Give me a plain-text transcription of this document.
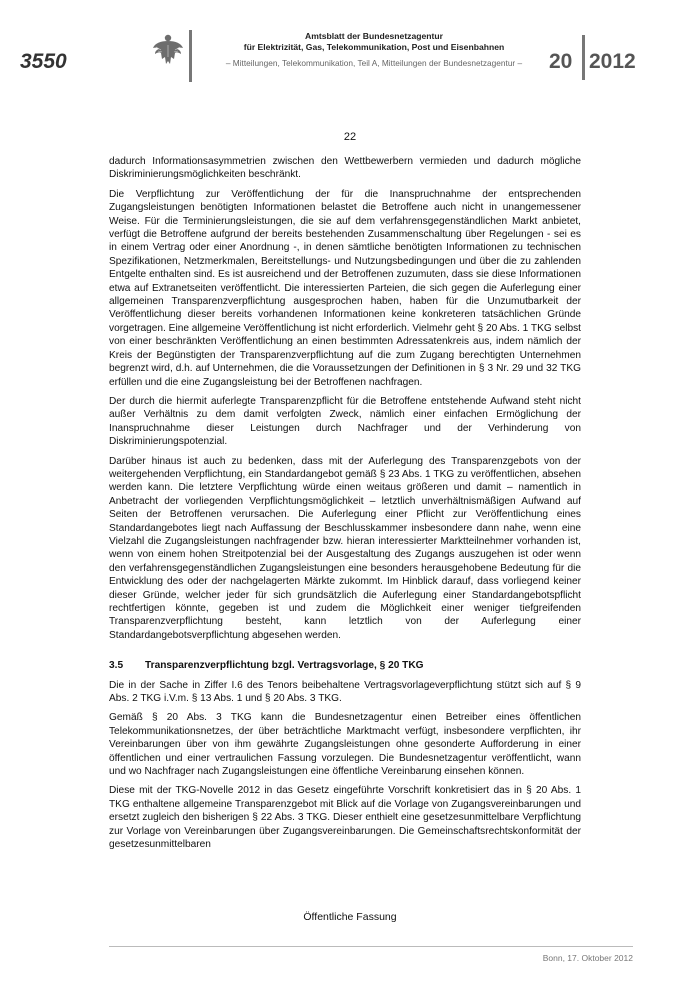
3550
Amtsblatt der Bundesnetzagentur
für Elektrizität, Gas, Telekommunikation, Post und Eisenbahnen
– Mitteilungen, Telekommunikation, Teil A, Mitteilungen der Bundesnetzagentur –	20 2012
22

dadurch Informationsasymmetrien zwischen den Wettbewerbern vermieden und dadurch mögliche Diskriminierungsmöglichkeiten beschränkt.

Die Verpflichtung zur Veröffentlichung der für die Inanspruchnahme der entsprechenden Zugangsleistungen benötigten Informationen belastet die Betroffene auch nicht in unangemessener Weise. Für die Terminierungsleistungen, die sie auf dem verfahrensgegenständlichen Markt anbietet, verfügt die Betroffene aufgrund der bereits bestehenden Zusammenschaltung über Regelungen - sei es in einem Vertrag oder einer Anordnung -, in denen sämtliche benötigten Informationen zu technischen Spezifikationen, Netzmerkmalen, Bereitstellungs- und Nutzungsbedingungen und über die zu zahlenden Entgelte enthalten sind. Es ist ausreichend und der Betroffenen zuzumuten, dass sie diese Informationen etwa auf Extranetseiten veröffentlicht. Die interessierten Parteien, die sich gegen die Auferlegung einer allgemeinen Transparenzverpflichtung ausgesprochen haben, haben für die Unzumutbarkeit der Veröffentlichung dieser bereits vorhandenen Informationen keine konkreteren tatsächlichen Gründe vorgetragen. Eine allgemeine Veröffentlichung ist nicht erforderlich. Vielmehr geht § 20 Abs. 1 TKG selbst von einer beschränkten Veröffentlichung an einen bestimmten Adressatenkreis aus, indem nämlich der Kreis der Begünstigten der Transparenzverpflichtung auf die zum Zugang berechtigten Unternehmen begrenzt wird, d.h. auf Unternehmen, die die Voraussetzungen der Definitionen in § 3 Nr. 29 und 32 TKG erfüllen und die eine Zugangsleistung bei der Betroffenen nachfragen.

Der durch die hiermit auferlegte Transparenzpflicht für die Betroffene entstehende Aufwand steht nicht außer Verhältnis zu dem damit verfolgten Zweck, nämlich einer einfachen Ermöglichung der Inanspruchnahme dieser Leistungen durch Nachfrager und der Verhinderung von Diskriminierungspotenzial.

Darüber hinaus ist auch zu bedenken, dass mit der Auferlegung des Transparenzgebots von der weitergehenden Verpflichtung, ein Standardangebot gemäß § 23 Abs. 1 TKG zu veröffentlichen, absehen werden kann. Die letztere Verpflichtung würde einen weitaus größeren und damit – namentlich in Anbetracht der vorliegenden Verpflichtungsmöglichkeit – letztlich unverhältnismäßigen Aufwand auf Seiten der Betroffenen verursachen. Die Auferlegung einer Pflicht zur Veröffentlichung eines Standardangebotes liegt nach Auffassung der Beschlusskammer insbesondere dann nahe, wenn eine Vielzahl die Zugangsleistungen nachfragender bzw. hieran interessierter Marktteilnehmer vorhanden ist, wenn von einem hohen Streitpotenzial bei der Ausgestaltung des Zugangs auszugehen ist oder wenn den verfahrensgegenständlichen Zugangsleistungen eine besonders herausgehobene Bedeutung für die Entwicklung des oder der nachgelagerten Märkte zukommt. Im Hinblick darauf, dass vorliegend keiner dieser Gründe, welcher jeder für sich grundsätzlich die Auferlegung einer Standardangebotspflicht rechtfertigen könnte, gegeben ist und zudem die Möglichkeit einer weniger tiefgreifenden Transparenzverpflichtung besteht, kann letztlich von der Auferlegung einer Standardangebotsverpflichtung abgesehen werden.

3.5	Transparenzverpflichtung bzgl. Vertragsvorlage, § 20 TKG

Die in der Sache in Ziffer I.6 des Tenors beibehaltene Vertragsvorlageverpflichtung stützt sich auf § 9 Abs. 2 TKG i.V.m. § 13 Abs. 1 und § 20 Abs. 3 TKG.

Gemäß § 20 Abs. 3 TKG kann die Bundesnetzagentur einen Betreiber eines öffentlichen Telekommunikationsnetzes, der über beträchtliche Marktmacht verfügt, insbesondere verpflichten, ihr Vereinbarungen über von ihm gewährte Zugangsleistungen ohne gesonderte Aufforderung in einer öffentlichen und einer vertraulichen Fassung vorzulegen. Die Bundesnetzagentur veröffentlicht, wann und wo Nachfrager nach Zugangsleistungen eine öffentliche Vereinbarung einsehen können.

Diese mit der TKG-Novelle 2012 in das Gesetz eingeführte Vorschrift konkretisiert das in § 20 Abs. 1 TKG enthaltene allgemeine Transparenzgebot mit Blick auf die Vorlage von Zugangsvereinbarungen und ersetzt zugleich den bisherigen § 22 Abs. 3 TKG. Dieser enthielt eine gesetzesunmittelbare Verpflichtung zur Vorlage von Vereinbarungen über Zugangsvereinbarungen. Die Gemeinschaftsrechtskonformität der gesetzesunmittelbaren

Öffentliche Fassung
Bonn, 17. Oktober 2012
